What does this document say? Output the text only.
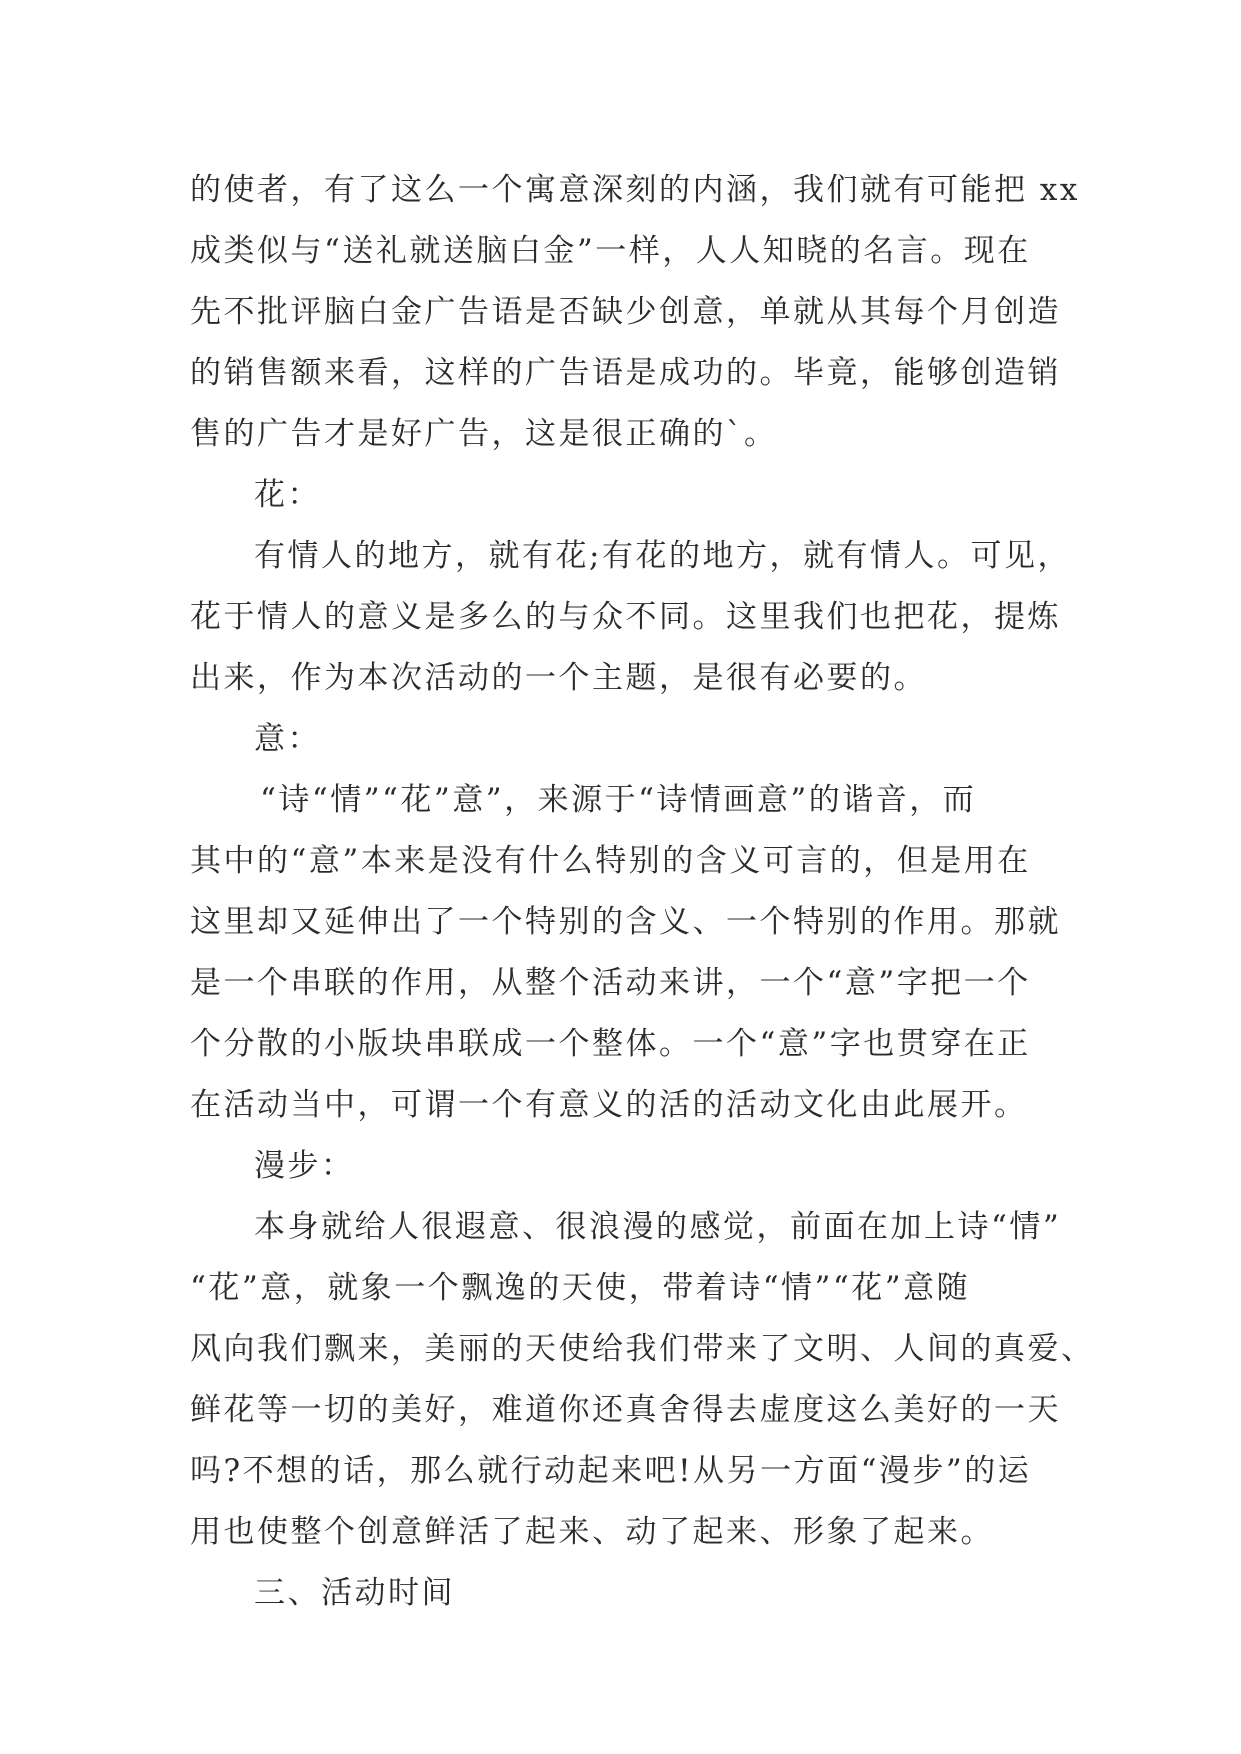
的使者，有了这么一个寓意深刻的内涵，我们就有可能把 xx
成类似与“送礼就送脑白金”一样，人人知晓的名言。现在
先不批评脑白金广告语是否缺少创意，单就从其每个月创造
的销售额来看，这样的广告语是成功的。毕竟，能够创造销
售的广告才是好广告，这是很正确的`。
花：
有情人的地方，就有花;有花的地方，就有情人。可见，
花于情人的意义是多么的与众不同。这里我们也把花，提炼
出来，作为本次活动的一个主题，是很有必要的。
意：
“诗“情”“花”意”，来源于“诗情画意”的谐音，而
其中的“意”本来是没有什么特别的含义可言的，但是用在
这里却又延伸出了一个特别的含义、一个特别的作用。那就
是一个串联的作用，从整个活动来讲，一个“意”字把一个
个分散的小版块串联成一个整体。一个“意”字也贯穿在正
在活动当中，可谓一个有意义的活的活动文化由此展开。
漫步：
本身就给人很遐意、很浪漫的感觉，前面在加上诗“情”
“花”意，就象一个飘逸的天使，带着诗“情”“花”意随
风向我们飘来，美丽的天使给我们带来了文明、人间的真爱、
鲜花等一切的美好，难道你还真舍得去虚度这么美好的一天
吗?不想的话，那么就行动起来吧!从另一方面“漫步”的运
用也使整个创意鲜活了起来、动了起来、形象了起来。
三、活动时间
